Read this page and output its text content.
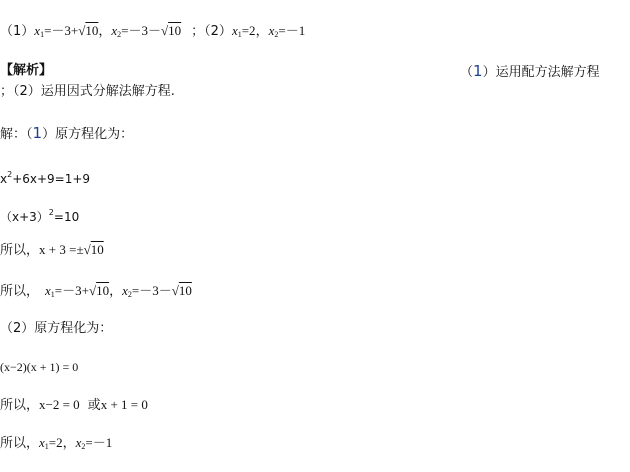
$(1)x_1=-3+√10$，$x_2=-3-√10$ ；$(2)x_1=2$，$x_2=-1$
【解析】	（1）运用配方法解方程
；（2）运用因式分解法解方程.
解：（1）原方程化为：
$x^2+6x+9=1+9$
$(x+3)^2=10$
所以，x + 3 =±√10
所以， $x_1=-3+√10$，$x_2=-3-√10$
（2）原方程化为：
(x−2)(x + 1) = 0
所以，x−2 = 0 或x + 1 = 0
所以，$x_1=2$，$x_2=-1$
